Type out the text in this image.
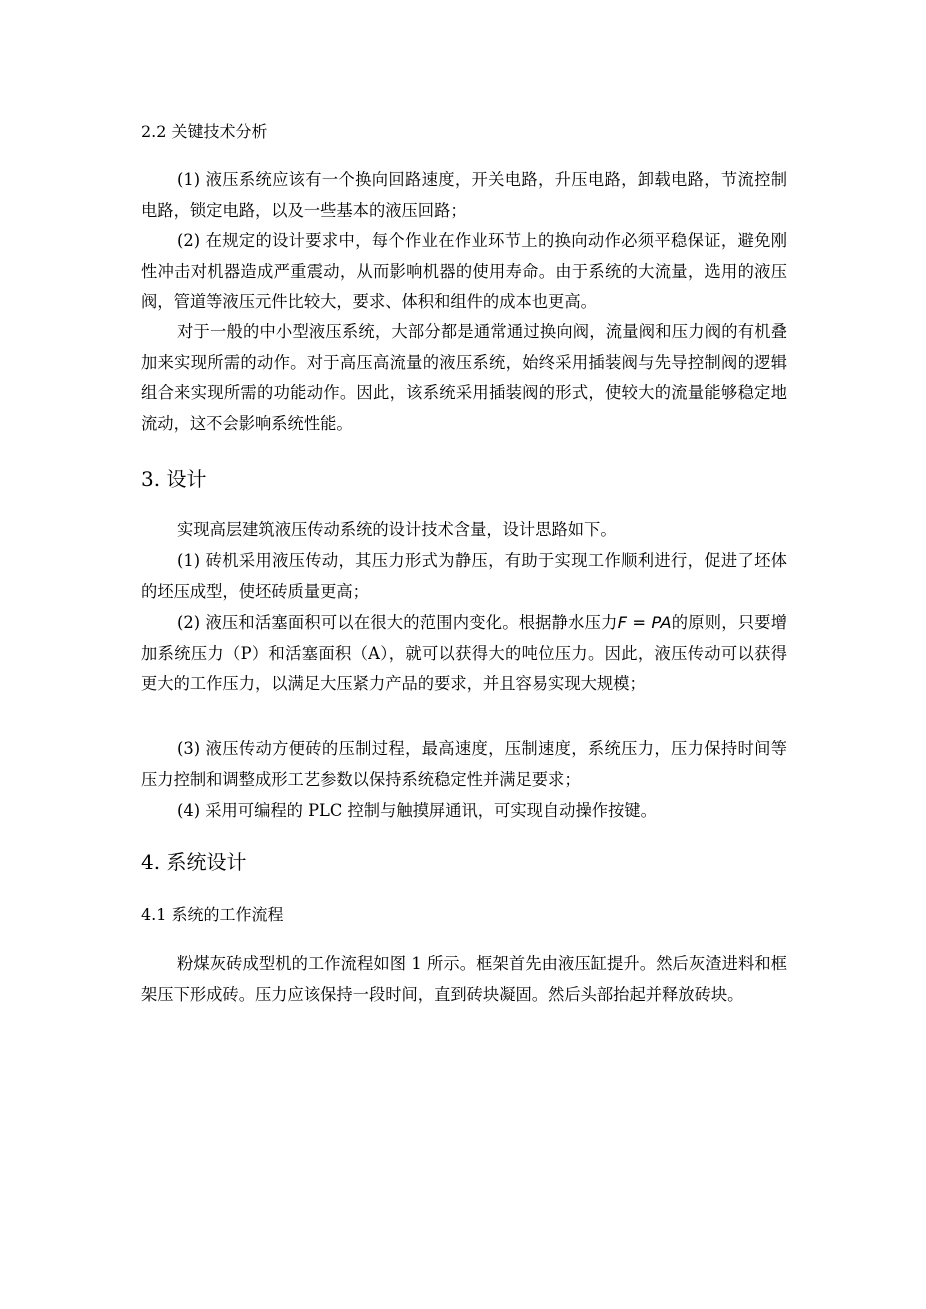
2.2 关键技术分析

(1) 液压系统应该有一个换向回路速度，开关电路，升压电路，卸载电路，节流控制电路，锁定电路，以及一些基本的液压回路；

(2) 在规定的设计要求中，每个作业在作业环节上的换向动作必须平稳保证，避免刚性冲击对机器造成严重震动，从而影响机器的使用寿命。由于系统的大流量，选用的液压阀，管道等液压元件比较大，要求、体积和组件的成本也更高。

对于一般的中小型液压系统，大部分都是通常通过换向阀，流量阀和压力阀的有机叠加来实现所需的动作。对于高压高流量的液压系统，始终采用插装阀与先导控制阀的逻辑组合来实现所需的功能动作。因此，该系统采用插装阀的形式，使较大的流量能够稳定地流动，这不会影响系统性能。

3. 设计

实现高层建筑液压传动系统的设计技术含量，设计思路如下。

(1) 砖机采用液压传动，其压力形式为静压，有助于实现工作顺利进行，促进了坯体的坯压成型，使坯砖质量更高；

(2) 液压和活塞面积可以在很大的范围内变化。根据静水压力F = PA的原则，只要增加系统压力（P）和活塞面积（A），就可以获得大的吨位压力。因此，液压传动可以获得更大的工作压力，以满足大压紧力产品的要求，并且容易实现大规模；

(3) 液压传动方便砖的压制过程，最高速度，压制速度，系统压力，压力保持时间等压力控制和调整成形工艺参数以保持系统稳定性并满足要求；

(4) 采用可编程的 PLC 控制与触摸屏通讯，可实现自动操作按键。

4. 系统设计
4.1 系统的工作流程

粉煤灰砖成型机的工作流程如图 1 所示。框架首先由液压缸提升。然后灰渣进料和框架压下形成砖。压力应该保持一段时间，直到砖块凝固。然后头部抬起并释放砖块。
